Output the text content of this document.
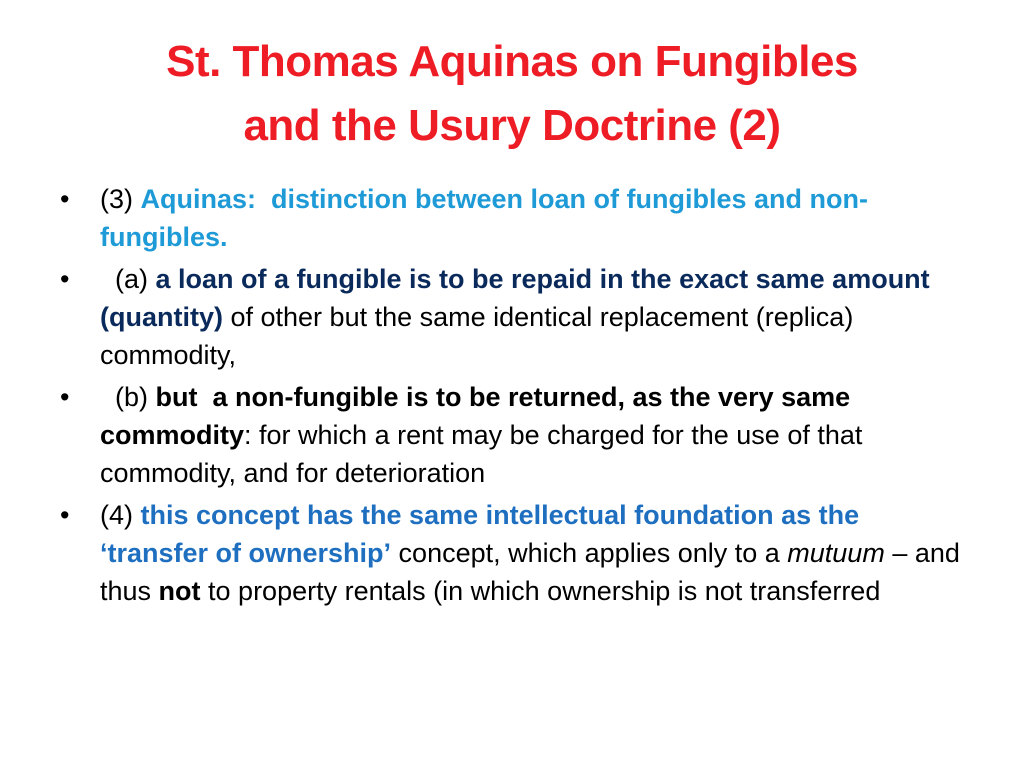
St. Thomas Aquinas on Fungibles
and the Usury Doctrine (2)
•	(3) Aquinas: distinction between loan of fungibles and non-fungibles.
•	(a) a loan of a fungible is to be repaid in the exact same amount (quantity) of other but the same identical replacement (replica) commodity,
•	(b) but  a non-fungible is to be returned, as the very same commodity: for which a rent may be charged for the use of that commodity, and for deterioration
•	(4) this concept has the same intellectual foundation as the ‘transfer of ownership’ concept, which applies only to a mutuum – and thus not to property rentals (in which ownership is not transferred
